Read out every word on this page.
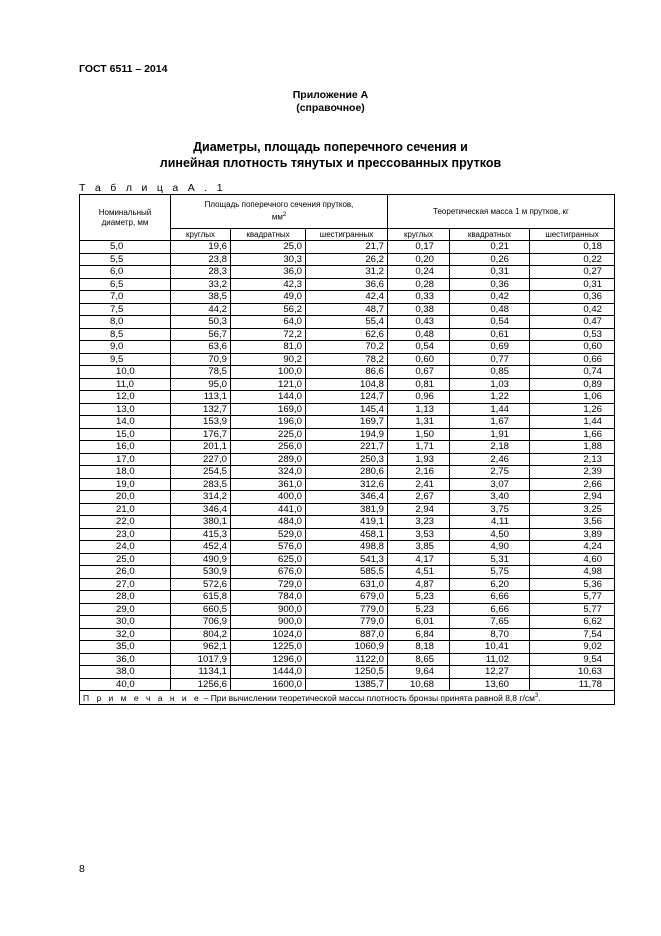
ГОСТ 6511 – 2014
Приложение А
(справочное)
Диаметры, площадь поперечного сечения и
линейная плотность тянутых и прессованных прутков
Т а б л и ц а А . 1
Номинальный диаметр, мм	Площадь поперечного сечения прутков, $мм^2$			Теоретическая масса 1 м прутков, кг		
	круглых	квадратных	шестигранных	круглых	квадратных	шестигранных
5,0	19,6	25,0	21,7	0,17	0,21	0,18
5,5	23,8	30,3	26,2	0,20	0,26	0,22
6,0	28,3	36,0	31,2	0,24	0,31	0,27
6,5	33,2	42,3	36,6	0,28	0,36	0,31
7,0	38,5	49,0	42,4	0,33	0,42	0,36
7,5	44,2	56,2	48,7	0,38	0,48	0,42
8,0	50,3	64,0	55,4	0,43	0,54	0,47
8,5	56,7	72,2	62,6	0,48	0,61	0,53
9,0	63,6	81,0	70,2	0,54	0,69	0,60
9,5	70,9	90,2	78,2	0,60	0,77	0,66
10,0	78,5	100,0	86,6	0,67	0,85	0,74
11,0	95,0	121,0	104,8	0,81	1,03	0,89
12,0	113,1	144,0	124,7	0,96	1,22	1,06
13,0	132,7	169,0	145,4	1,13	1,44	1,26
14,0	153,9	196,0	169,7	1,31	1,67	1,44
15,0	176,7	225,0	194,9	1,50	1,91	1,66
16,0	201,1	256,0	221,7	1,71	2,18	1,88
17,0	227,0	289,0	250,3	1,93	2,46	2,13
18,0	254,5	324,0	280,6	2,16	2,75	2,39
19,0	283,5	361,0	312,6	2,41	3,07	2,66
20,0	314,2	400,0	346,4	2,67	3,40	2,94
21,0	346,4	441,0	381,9	2,94	3,75	3,25
22,0	380,1	484,0	419,1	3,23	4,11	3,56
23,0	415,3	529,0	458,1	3,53	4,50	3,89
24,0	452,4	576,0	498,8	3,85	4,90	4,24
25,0	490,9	625,0	541,3	4,17	5,31	4,60
26,0	530,9	676,0	585,5	4,51	5,75	4,98
27,0	572,6	729,0	631,0	4,87	6,20	5,36
28,0	615,8	784,0	679,0	5,23	6,66	5,77
29,0	660,5	900,0	779,0	5,23	6,66	5,77
30,0	706,9	900,0	779,0	6,01	7,65	6,62
32,0	804,2	1024,0	887,0	6,84	8,70	7,54
35,0	962,1	1225,0	1060,9	8,18	10,41	9,02
36,0	1017,9	1296,0	1122,0	8,65	11,02	9,54
38,0	1134,1	1444,0	1250,5	9,64	12,27	10,63
40,0	1256,6	1600,0	1385,7	10,68	13,60	11,78
П р и м е ч а н и е – При вычислении теоретической массы плотность бронзы принята равной 8,8 $г/см^3$.						
8
